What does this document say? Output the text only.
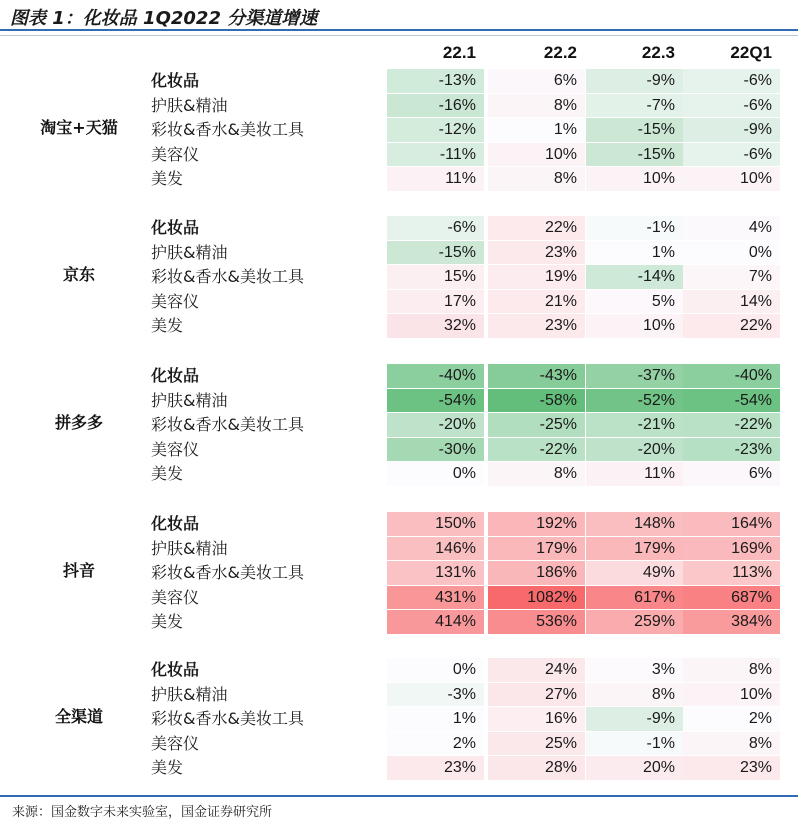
图表 1：化妆品 1Q2022 分渠道增速
22.1	22.2	22.3	22Q1
淘宝+天猫
化妆品	-13%	6%	-9%	-6%
护肤&精油	-16%	8%	-7%	-6%
彩妆&香水&美妆工具	-12%	1%	-15%	-9%
美容仪	-11%	10%	-15%	-6%
美发	11%	8%	10%	10%
京东
化妆品	-6%	22%	-1%	4%
护肤&精油	-15%	23%	1%	0%
彩妆&香水&美妆工具	15%	19%	-14%	7%
美容仪	17%	21%	5%	14%
美发	32%	23%	10%	22%
拼多多
化妆品	-40%	-43%	-37%	-40%
护肤&精油	-54%	-58%	-52%	-54%
彩妆&香水&美妆工具	-20%	-25%	-21%	-22%
美容仪	-30%	-22%	-20%	-23%
美发	0%	8%	11%	6%
抖音
化妆品	150%	192%	148%	164%
护肤&精油	146%	179%	179%	169%
彩妆&香水&美妆工具	131%	186%	49%	113%
美容仪	431%	1082%	617%	687%
美发	414%	536%	259%	384%
全渠道
化妆品	0%	24%	3%	8%
护肤&精油	-3%	27%	8%	10%
彩妆&香水&美妆工具	1%	16%	-9%	2%
美容仪	2%	25%	-1%	8%
美发	23%	28%	20%	23%
来源：国金数字未来实验室，国金证券研究所
